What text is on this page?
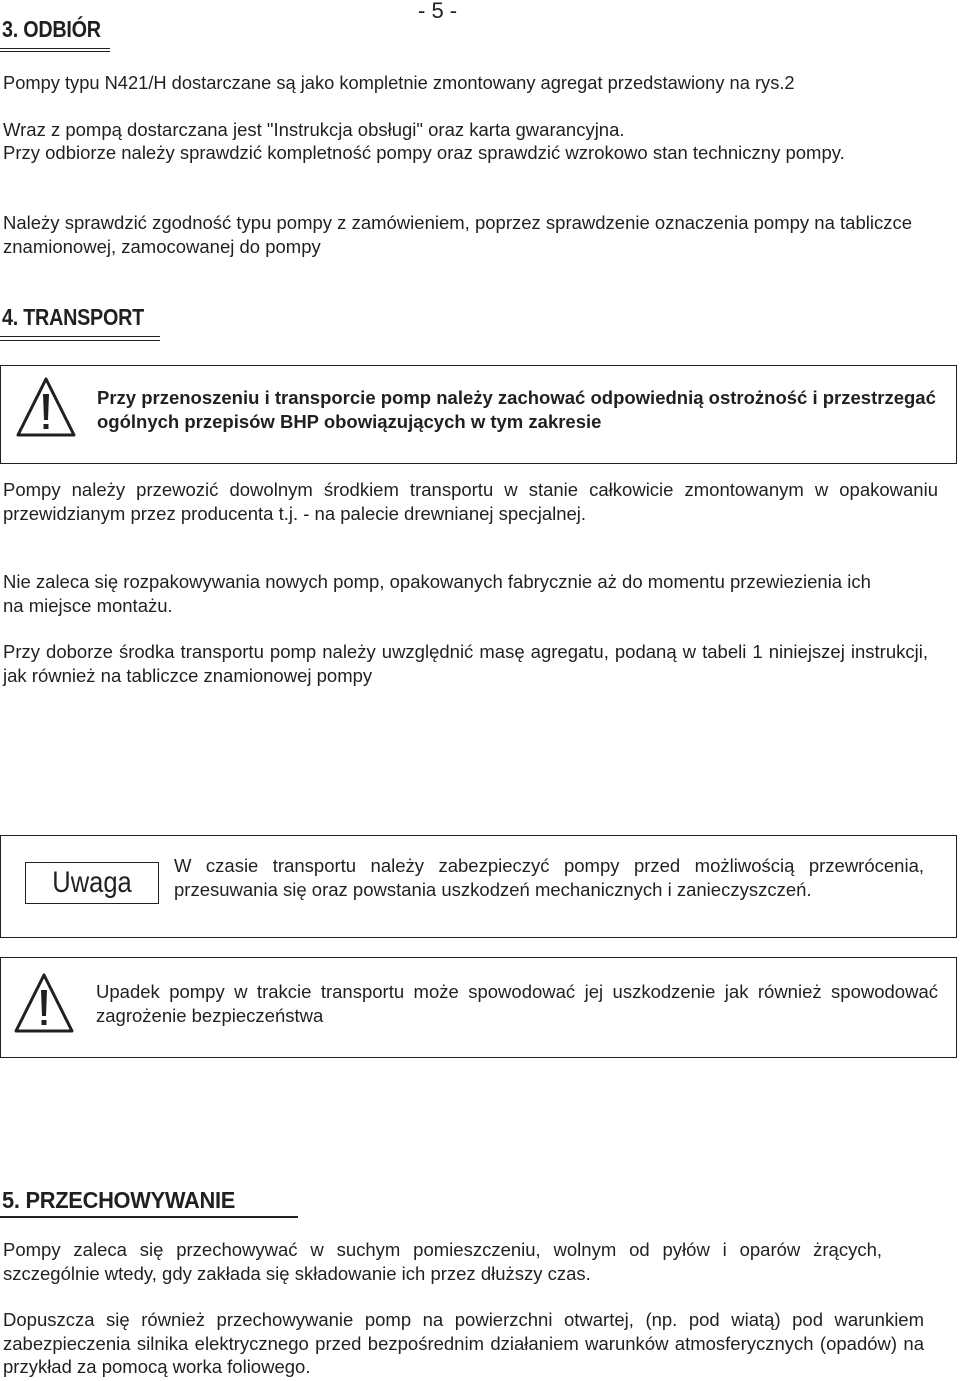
- 5 -
3. ODBIÓR

Pompy typu N421/H dostarczane są jako kompletnie zmontowany agregat przedstawiony na rys.2

Wraz z pompą dostarczana jest "Instrukcja obsługi" oraz karta gwarancyjna.

Przy odbiorze należy sprawdzić kompletność pompy oraz sprawdzić wzrokowo stan techniczny pompy.

Należy sprawdzić zgodność typu pompy z zamówieniem, poprzez sprawdzenie oznaczenia pompy na tabliczce znamionowej, zamocowanej do pompy

4. TRANSPORT

Przy przenoszeniu i transporcie pomp należy zachować odpowiednią ostrożność i przestrzegać ogólnych przepisów BHP obowiązujących w tym zakresie

Pompy należy przewozić dowolnym środkiem transportu w stanie całkowicie zmontowanym w opakowaniu przewidzianym przez producenta t.j. - na palecie drewnianej specjalnej.

Nie zaleca się rozpakowywania nowych pomp, opakowanych fabrycznie aż do momentu przewiezienia ich na miejsce montażu.

Przy doborze środka transportu pomp należy uwzględnić masę agregatu, podaną w tabeli 1 niniejszej instrukcji, jak również na tabliczce znamionowej pompy

Uwaga

W czasie transportu należy zabezpieczyć pompy przed możliwością przewrócenia, przesuwania się oraz powstania uszkodzeń mechanicznych i zanieczyszczeń.

Upadek pompy w trakcie transportu może spowodować jej uszkodzenie jak również spowodować zagrożenie bezpieczeństwa

5. PRZECHOWYWANIE

Pompy zaleca się przechowywać w suchym pomieszczeniu, wolnym od pyłów i oparów żrących, szczególnie wtedy, gdy zakłada się składowanie ich przez dłuższy czas.

Dopuszcza się również przechowywanie pomp na powierzchni otwartej, (np. pod wiatą) pod warunkiem zabezpieczenia silnika elektrycznego przed bezpośrednim działaniem warunków atmosferycznych (opadów) na przykład za pomocą worka foliowego.
